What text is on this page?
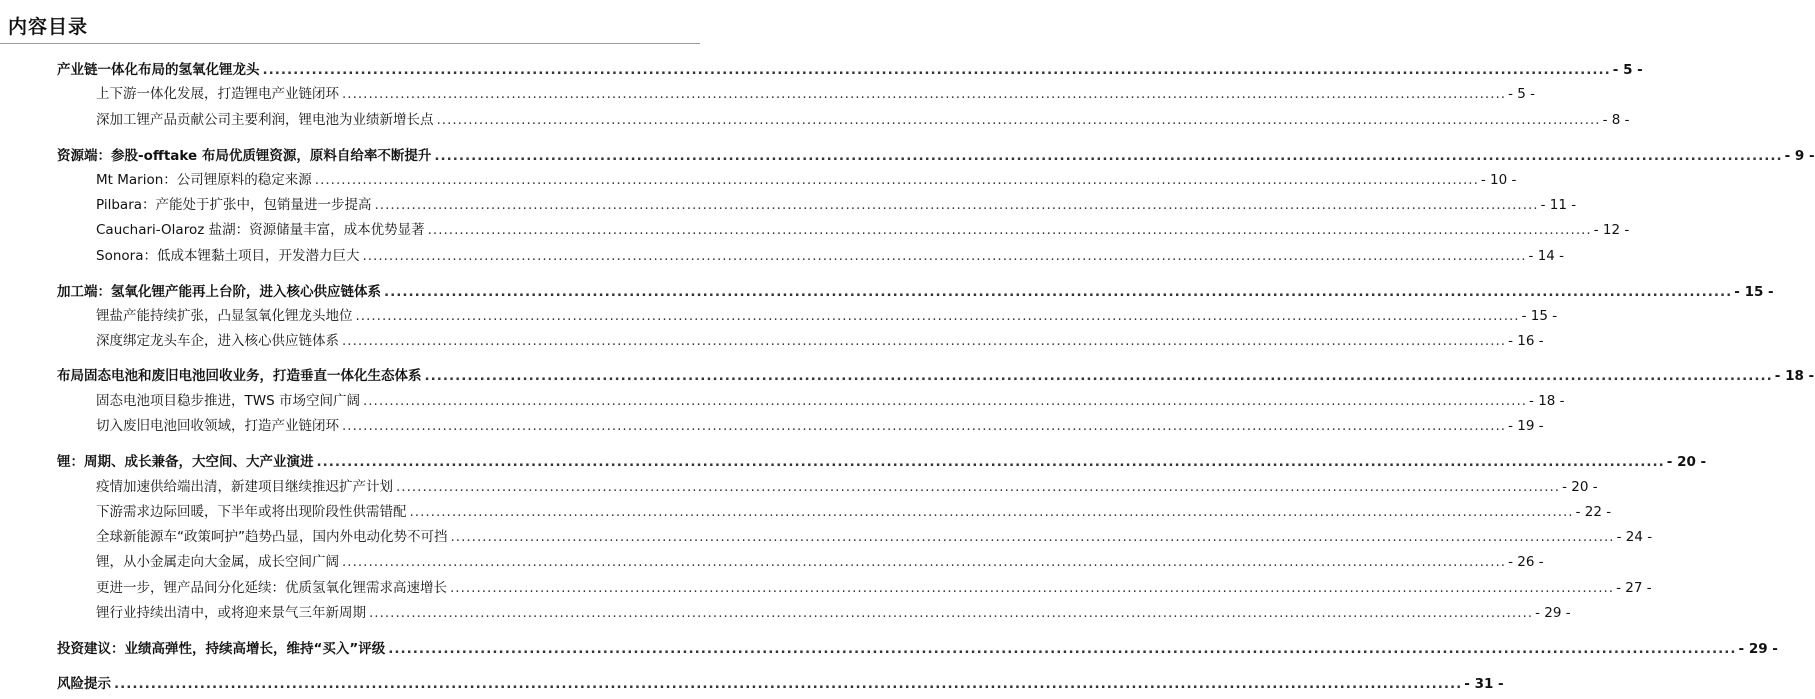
内容目录
产业链一体化布局的氢氧化锂龙头 ............................................................................................................................................................................................................................ - 5 -
上下游一体化发展，打造锂电产业链闭环 ............................................................................................................................................................................................................................ - 5 -
深加工锂产品贡献公司主要利润，锂电池为业绩新增长点 ............................................................................................................................................................................................................................ - 8 -
资源端：参股-offtake 布局优质锂资源，原料自给率不断提升 ............................................................................................................................................................................................................................ - 9 -
Mt Marion：公司锂原料的稳定来源 ............................................................................................................................................................................................................................ - 10 -
Pilbara：产能处于扩张中，包销量进一步提高 ............................................................................................................................................................................................................................ - 11 -
Cauchari-Olaroz 盐湖：资源储量丰富，成本优势显著 ............................................................................................................................................................................................................................ - 12 -
Sonora：低成本锂黏土项目，开发潜力巨大 ............................................................................................................................................................................................................................ - 14 -
加工端：氢氧化锂产能再上台阶，进入核心供应链体系 ............................................................................................................................................................................................................................ - 15 -
锂盐产能持续扩张，凸显氢氧化锂龙头地位 ............................................................................................................................................................................................................................ - 15 -
深度绑定龙头车企，进入核心供应链体系 ............................................................................................................................................................................................................................ - 16 -
布局固态电池和废旧电池回收业务，打造垂直一体化生态体系 ............................................................................................................................................................................................................................ - 18 -
固态电池项目稳步推进，TWS 市场空间广阔 ............................................................................................................................................................................................................................ - 18 -
切入废旧电池回收领域，打造产业链闭环 ............................................................................................................................................................................................................................ - 19 -
锂：周期、成长兼备，大空间、大产业演进 ............................................................................................................................................................................................................................ - 20 -
疫情加速供给端出清，新建项目继续推迟扩产计划 ............................................................................................................................................................................................................................ - 20 -
下游需求边际回暖，下半年或将出现阶段性供需错配 ............................................................................................................................................................................................................................ - 22 -
全球新能源车“政策呵护”趋势凸显，国内外电动化势不可挡 ............................................................................................................................................................................................................................ - 24 -
锂，从小金属走向大金属，成长空间广阔 ............................................................................................................................................................................................................................ - 26 -
更进一步，锂产品间分化延续：优质氢氧化锂需求高速增长 ............................................................................................................................................................................................................................ - 27 -
锂行业持续出清中，或将迎来景气三年新周期 ............................................................................................................................................................................................................................ - 29 -
投资建议：业绩高弹性，持续高增长，维持“买入”评级 ............................................................................................................................................................................................................................ - 29 -
风险提示 ............................................................................................................................................................................................................................ - 31 -
